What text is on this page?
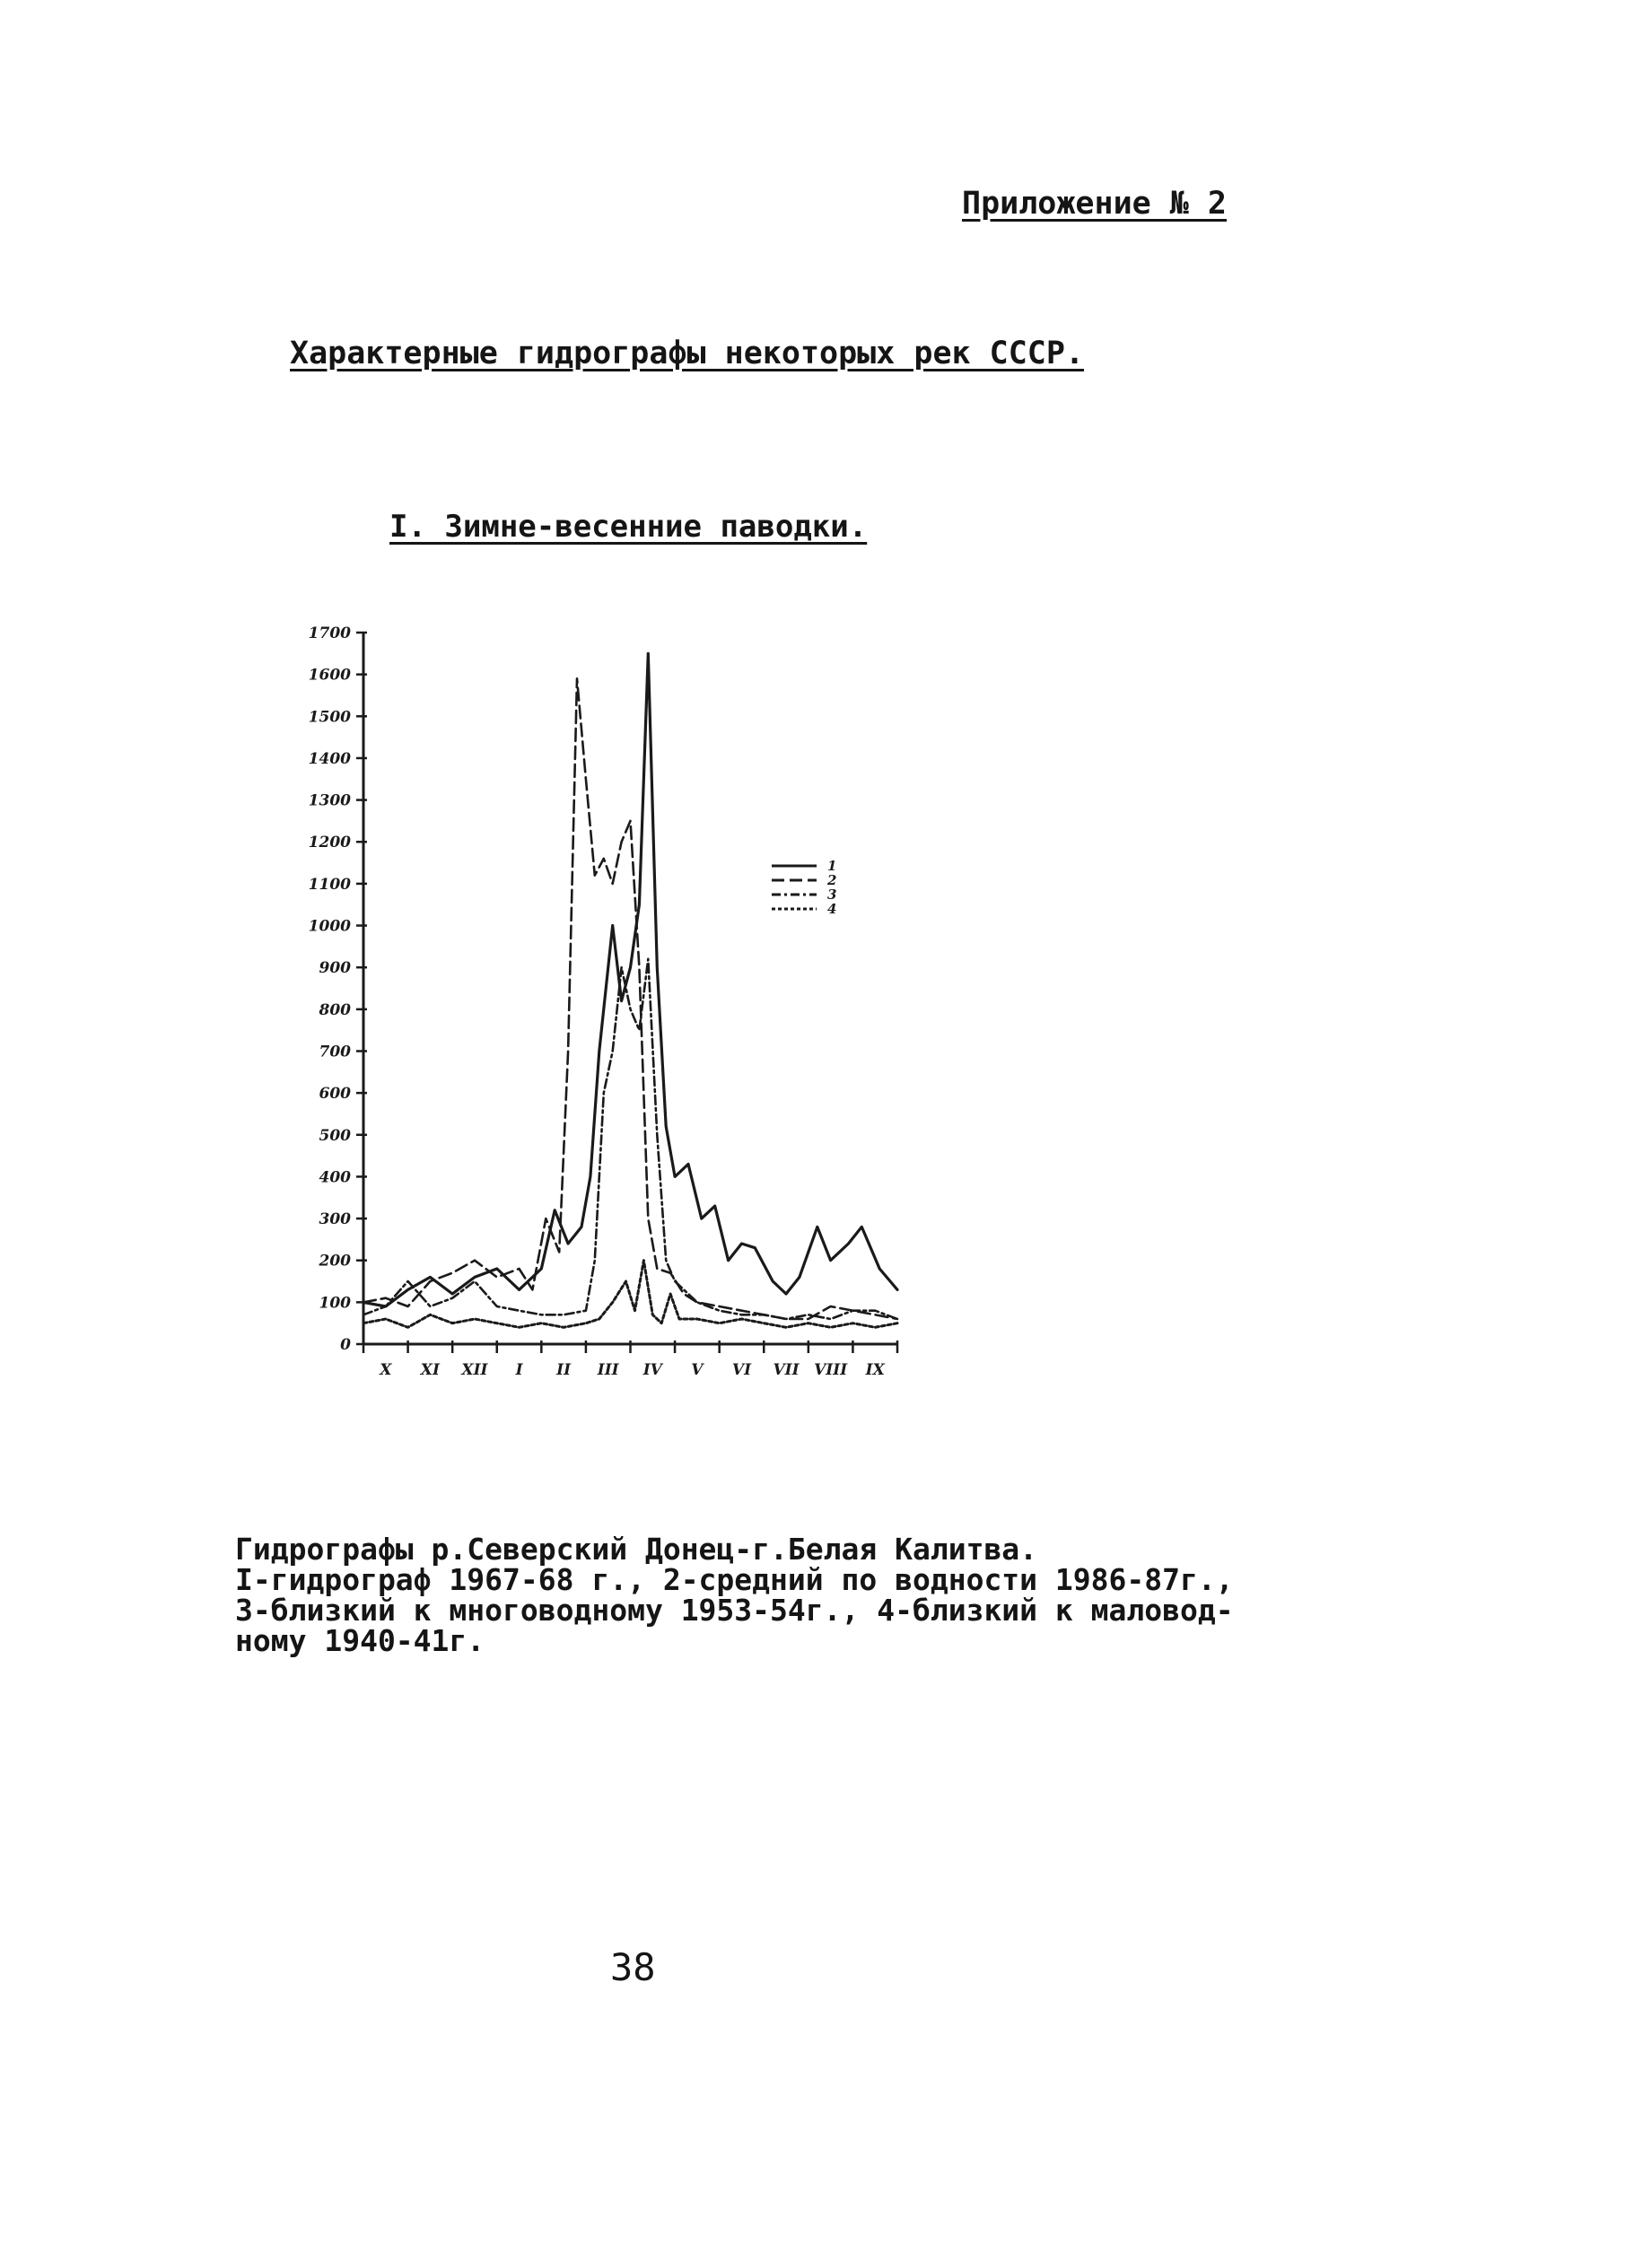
Приложение № 2
Характерные гидрографы некоторых рек СССР.
I. Зимне-весенние паводки.
1700
1600
1500
1400
1300
1200
1100
1000
900
800
700
600
500
400
300
200
100
0
X XI XII I II III IV V VI VII VIII IX
1
2
3
4
Гидрографы р.Северский Донец-г.Белая Калитва.
I-гидрограф 1967-68 г., 2-средний по водности 1986-87г.,
3-близкий к многоводному 1953-54г., 4-близкий к маловод-
ному 1940-41г.
38
